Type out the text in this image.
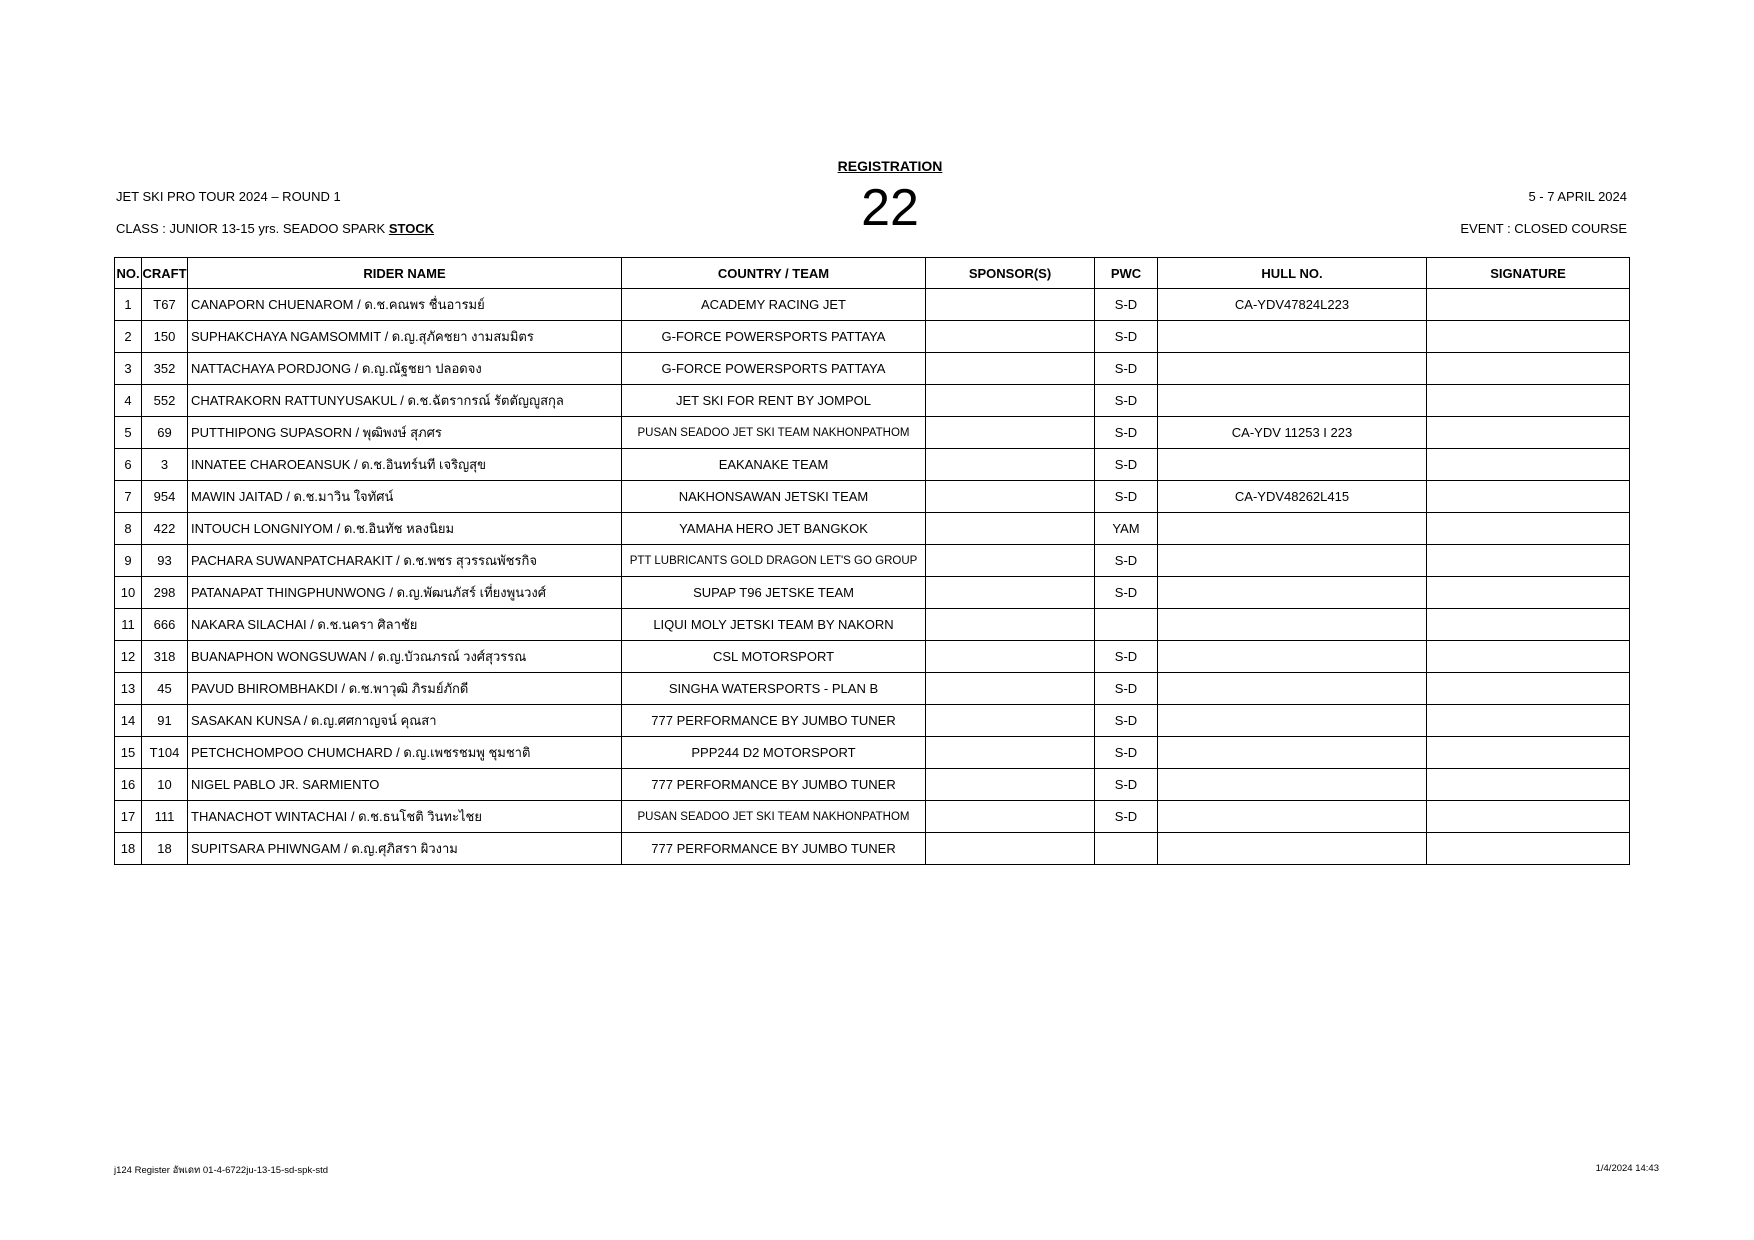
REGISTRATION
22
JET SKI PRO TOUR 2024 – ROUND 1
CLASS : JUNIOR 13-15 yrs. SEADOO SPARK STOCK
5 - 7 APRIL 2024
EVENT : CLOSED COURSE
NO.	CRAFT	RIDER NAME	COUNTRY / TEAM	SPONSOR(S)	PWC	HULL NO.	SIGNATURE
1	T67	CANAPORN CHUENAROM / ด.ช.คณพร ชื่นอารมย์	ACADEMY RACING JET		S-D	CA-YDV47824L223	
2	150	SUPHAKCHAYA NGAMSOMMIT / ด.ญ.สุภัคชยา งามสมมิตร	G-FORCE POWERSPORTS PATTAYA		S-D		
3	352	NATTACHAYA PORDJONG / ด.ญ.ณัฐชยา ปลอดจง	G-FORCE POWERSPORTS PATTAYA		S-D		
4	552	CHATRAKORN RATTUNYUSAKUL / ด.ช.ฉัตรากรณ์ รัตตัญญูสกุล	JET SKI FOR RENT BY JOMPOL		S-D		
5	69	PUTTHIPONG SUPASORN / พุฒิพงษ์ สุภศร	PUSAN SEADOO JET SKI TEAM NAKHONPATHOM		S-D	CA-YDV 11253 I 223	
6	3	INNATEE CHAROEANSUK / ด.ช.อินทร์นที เจริญสุข	EAKANAKE TEAM		S-D		
7	954	MAWIN JAITAD / ด.ช.มาวิน ใจทัศน์	NAKHONSAWAN JETSKI TEAM		S-D	CA-YDV48262L415	
8	422	INTOUCH LONGNIYOM / ด.ช.อินทัช หลงนิยม	YAMAHA HERO JET BANGKOK		YAM		
9	93	PACHARA SUWANPATCHARAKIT / ด.ช.พชร สุวรรณพัชรกิจ	PTT LUBRICANTS GOLD DRAGON LET'S GO GROUP		S-D		
10	298	PATANAPAT THINGPHUNWONG / ด.ญ.พัฒนภัสร์ เที่ยงพูนวงศ์	SUPAP T96 JETSKE TEAM		S-D		
11	666	NAKARA SILACHAI / ด.ช.นครา ศิลาชัย	LIQUI MOLY JETSKI TEAM BY NAKORN				
12	318	BUANAPHON WONGSUWAN / ด.ญ.บัวณภรณ์ วงศ์สุวรรณ	CSL MOTORSPORT		S-D		
13	45	PAVUD BHIROMBHAKDI / ด.ช.พาวุฒิ ภิรมย์ภักดี	SINGHA WATERSPORTS - PLAN B		S-D		
14	91	SASAKAN KUNSA / ด.ญ.ศศกาญจน์ คุณสา	777 PERFORMANCE BY JUMBO TUNER		S-D		
15	T104	PETCHCHOMPOO CHUMCHARD / ด.ญ.เพชรชมพู ชุมชาติ	PPP244 D2 MOTORSPORT		S-D		
16	10	NIGEL PABLO JR. SARMIENTO	777 PERFORMANCE BY JUMBO TUNER		S-D		
17	111	THANACHOT WINTACHAI / ด.ช.ธนโชติ วินทะไชย	PUSAN SEADOO JET SKI TEAM NAKHONPATHOM		S-D		
18	18	SUPITSARA PHIWNGAM / ด.ญ.ศุภิสรา ผิวงาม	777 PERFORMANCE BY JUMBO TUNER				
j124 Register อัพเดท 01-4-6722ju-13-15-sd-spk-std	1/4/2024 14:43
